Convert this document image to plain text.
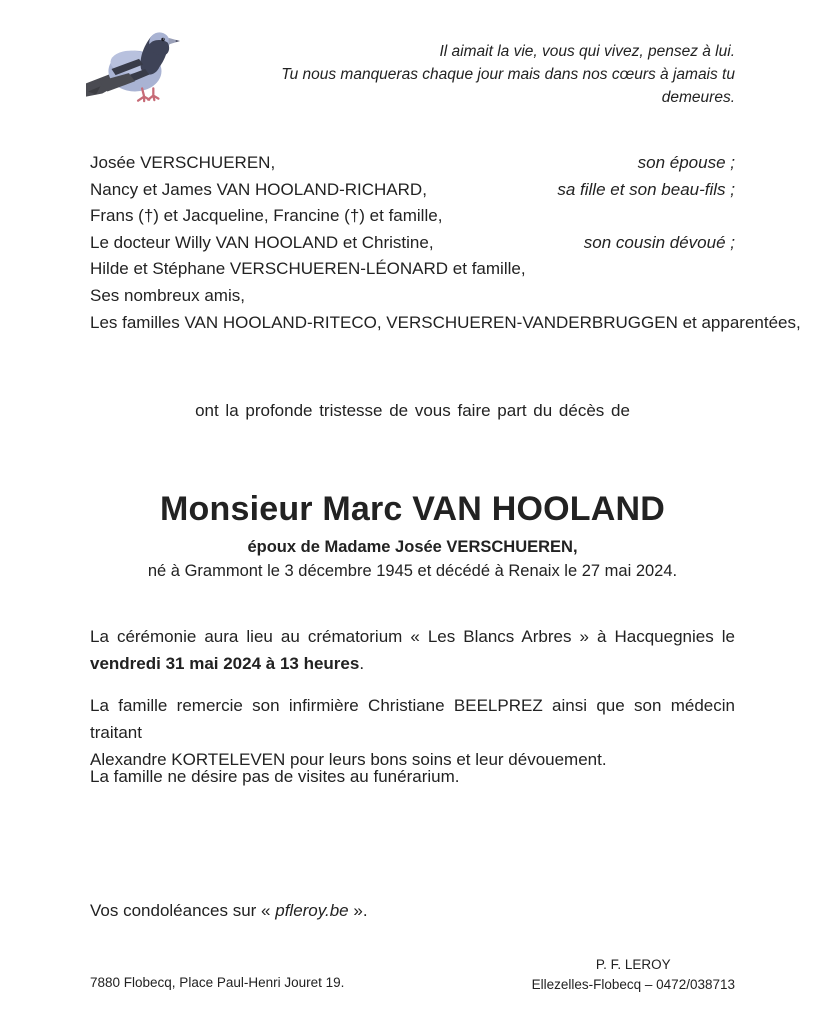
Il aimait la vie, vous qui vivez, pensez à lui.
Tu nous manqueras chaque jour mais dans nos cœurs à jamais tu demeures.
Josée VERSCHUEREN,	son épouse ;
Nancy et James VAN HOOLAND-RICHARD,	sa fille et son beau-fils ;
Frans (†) et Jacqueline, Francine (†) et famille,
Le docteur Willy VAN HOOLAND et Christine,	son cousin dévoué ;
Hilde et Stéphane VERSCHUEREN-LÉONARD et famille,
Ses nombreux amis,
Les familles VAN HOOLAND-RITECO, VERSCHUEREN-VANDERBRUGGEN et apparentées,
ont la profonde tristesse de vous faire part du décès de
Monsieur Marc VAN HOOLAND
époux de Madame Josée VERSCHUEREN,
né à Grammont le 3 décembre 1945 et décédé à Renaix le 27 mai 2024.
La cérémonie aura lieu au crématorium « Les Blancs Arbres » à Hacquegnies le
vendredi 31 mai 2024 à 13 heures.
La famille remercie son infirmière Christiane BEELPREZ ainsi que son médecin traitant
Alexandre KORTELEVEN pour leurs bons soins et leur dévouement.
La famille ne désire pas de visites au funérarium.
Vos condoléances sur « pfleroy.be ».
7880 Flobecq, Place Paul-Henri Jouret 19.
P. F. LEROY
Ellezelles-Flobecq – 0472/038713
